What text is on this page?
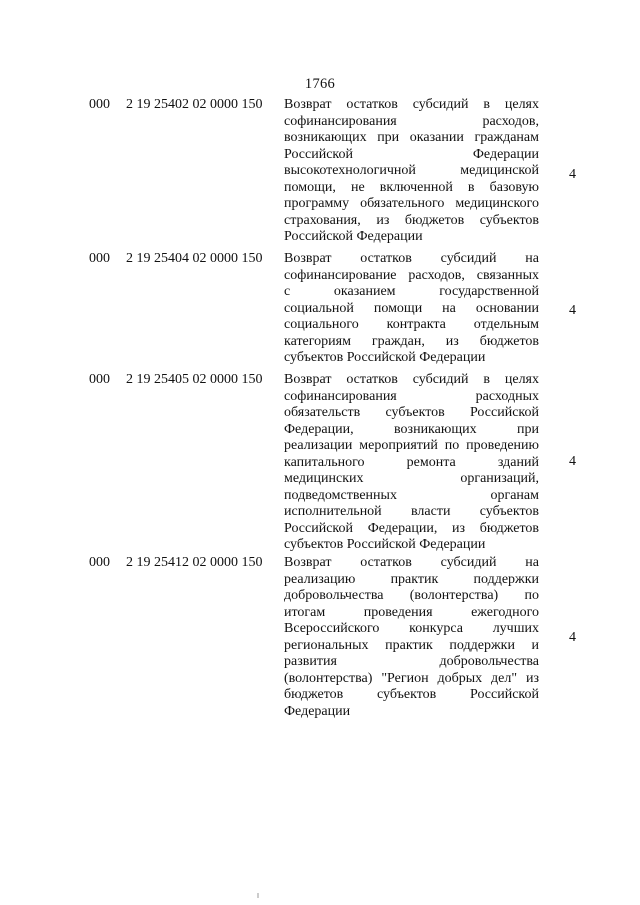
1766
000 2 19 25402 02 0000 150 Возврат остатков субсидий в целях
софинансирования расходов,
возникающих при оказании гражданам
Российской Федерации
высокотехнологичной медицинской
помощи, не включенной в базовую
программу обязательного медицинского
страхования, из бюджетов субъектов
Российской Федерации
4
000 2 19 25404 02 0000 150 Возврат остатков субсидий на
софинансирование расходов, связанных
с оказанием государственной
социальной помощи на основании
социального контракта отдельным
категориям граждан, из бюджетов
субъектов Российской Федерации
4
000 2 19 25405 02 0000 150 Возврат остатков субсидий в целях
софинансирования расходных
обязательств субъектов Российской
Федерации, возникающих при
реализации мероприятий по проведению
капитального ремонта зданий
медицинских организаций,
подведомственных органам
исполнительной власти субъектов
Российской Федерации, из бюджетов
субъектов Российской Федерации
4
000 2 19 25412 02 0000 150 Возврат остатков субсидий на
реализацию практик поддержки
добровольчества (волонтерства) по
итогам проведения ежегодного
Всероссийского конкурса лучших
региональных практик поддержки и
развития добровольчества
(волонтерства) "Регион добрых дел" из
бюджетов субъектов Российской
Федерации
4
